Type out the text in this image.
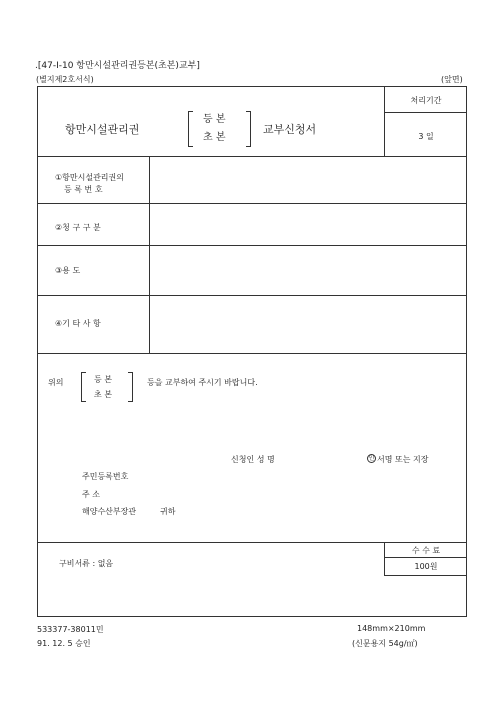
.[47-I-10 항만시설관리권등본(초본)교부]
(별지제2호서식)	(앞면)
항만시설관리권
등 본
초 본
교부신청서
처리기간
3 일
①항만시설관리권의
등 록 번 호
②청 구 구 분
③용 도
④기 타 사 항
위의	등 본
초 본
등을 교부하여 주시기 바랍니다.
신청인 성 명	인 서명 또는 지장
주민등록번호
주 소
해양수산부장관	귀하
구비서류 : 없음
수 수 료
100원
533377-38011민
91. 12. 5 승인
148mm×210mm
(신문용지 54g/㎡)
